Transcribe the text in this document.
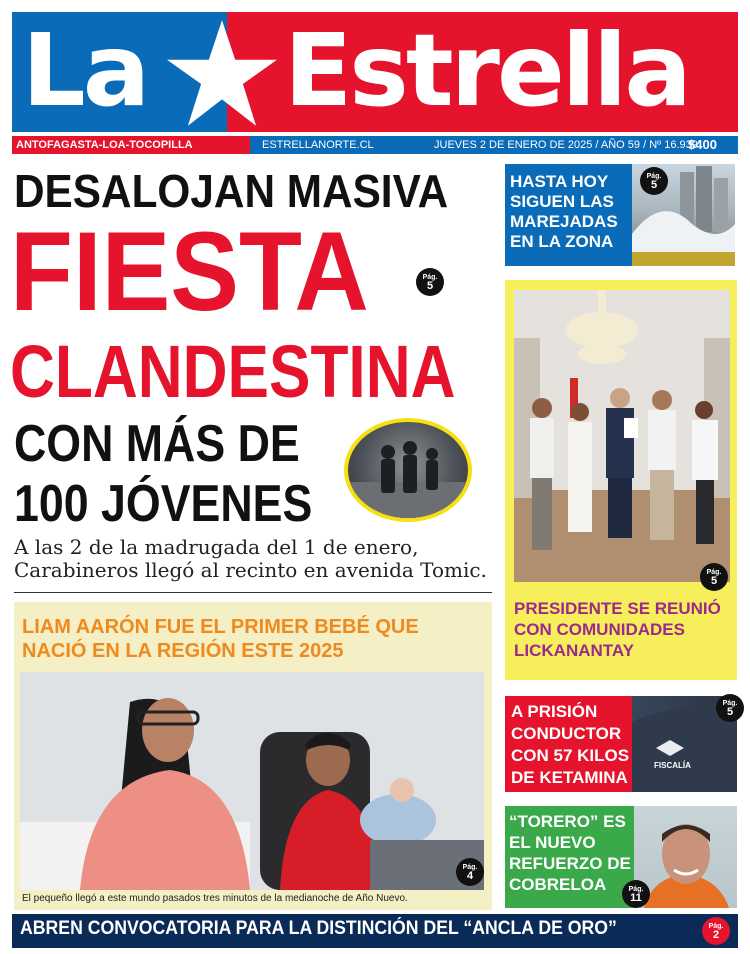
La Estrella
ANTOFAGASTA-LOA-TOCOPILLA	ESTRELLANORTE.CL	JUEVES 2 DE ENERO DE 2025 / AÑO 59 / Nº 16.939
$400
DESALOJAN MASIVA
FIESTA
CLANDESTINA
Pág.
5
CON MÁS DE
100 JÓVENES
A las 2 de la madrugada del 1 de enero,
Carabineros llegó al recinto en avenida Tomic.
LIAM AARÓN FUE EL PRIMER BEBÉ QUE
NACIÓ EN LA REGIÓN ESTE 2025
El pequeño llegó a este mundo pasados tres minutos de la medianoche de Año Nuevo.
Pág.
4
HASTA HOY SIGUEN LAS MAREJADAS EN LA ZONA
Pág.
5
Pág.
5
PRESIDENTE SE REUNIÓ CON COMUNIDADES LICKANANTAY
FISCALÍA
A PRISIÓN CONDUCTOR CON 57 KILOS DE KETAMINA
Pág.
5
“TORERO” ES EL NUEVO REFUERZO DE COBRELOA	Pág.
11
ABREN CONVOCATORIA PARA LA DISTINCIÓN DEL “ANCLA DE ORO”	Pág.
2
